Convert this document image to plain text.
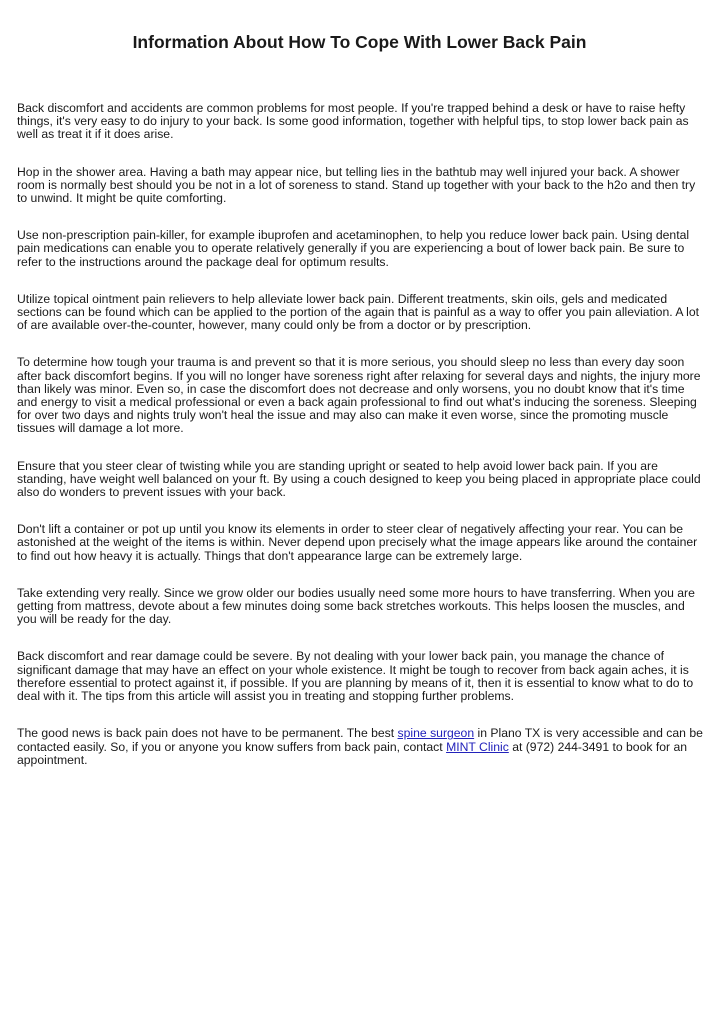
Information About How To Cope With Lower Back Pain

Back discomfort and accidents are common problems for most people. If you're trapped behind a desk or have to raise hefty things, it's very easy to do injury to your back. Is some good information, together with helpful tips, to stop lower back pain as well as treat it if it does arise.

Hop in the shower area. Having a bath may appear nice, but telling lies in the bathtub may well injured your back. A shower room is normally best should you be not in a lot of soreness to stand. Stand up together with your back to the h2o and then try to unwind. It might be quite comforting.

Use non-prescription pain-killer, for example ibuprofen and acetaminophen, to help you reduce lower back pain. Using dental pain medications can enable you to operate relatively generally if you are experiencing a bout of lower back pain. Be sure to refer to the instructions around the package deal for optimum results.

Utilize topical ointment pain relievers to help alleviate lower back pain. Different treatments, skin oils, gels and medicated sections can be found which can be applied to the portion of the again that is painful as a way to offer you pain alleviation. A lot of are available over-the-counter, however, many could only be from a doctor or by prescription.

To determine how tough your trauma is and prevent so that it is more serious, you should sleep no less than every day soon after back discomfort begins. If you will no longer have soreness right after relaxing for several days and nights, the injury more than likely was minor. Even so, in case the discomfort does not decrease and only worsens, you no doubt know that it's time and energy to visit a medical professional or even a back again professional to find out what's inducing the soreness. Sleeping for over two days and nights truly won't heal the issue and may also can make it even worse, since the promoting muscle tissues will damage a lot more.

Ensure that you steer clear of twisting while you are standing upright or seated to help avoid lower back pain. If you are standing, have weight well balanced on your ft. By using a couch designed to keep you being placed in appropriate place could also do wonders to prevent issues with your back.

Don't lift a container or pot up until you know its elements in order to steer clear of negatively affecting your rear. You can be astonished at the weight of the items is within. Never depend upon precisely what the image appears like around the container to find out how heavy it is actually. Things that don't appearance large can be extremely large.

Take extending very really. Since we grow older our bodies usually need some more hours to have transferring. When you are getting from mattress, devote about a few minutes doing some back stretches workouts. This helps loosen the muscles, and you will be ready for the day.

Back discomfort and rear damage could be severe. By not dealing with your lower back pain, you manage the chance of significant damage that may have an effect on your whole existence. It might be tough to recover from back again aches, it is therefore essential to protect against it, if possible. If you are planning by means of it, then it is essential to know what to do to deal with it. The tips from this article will assist you in treating and stopping further problems.

The good news is back pain does not have to be permanent. The best spine surgeon in Plano TX is very accessible and can be contacted easily. So, if you or anyone you know suffers from back pain, contact MINT Clinic at (972) 244-3491 to book for an appointment.
